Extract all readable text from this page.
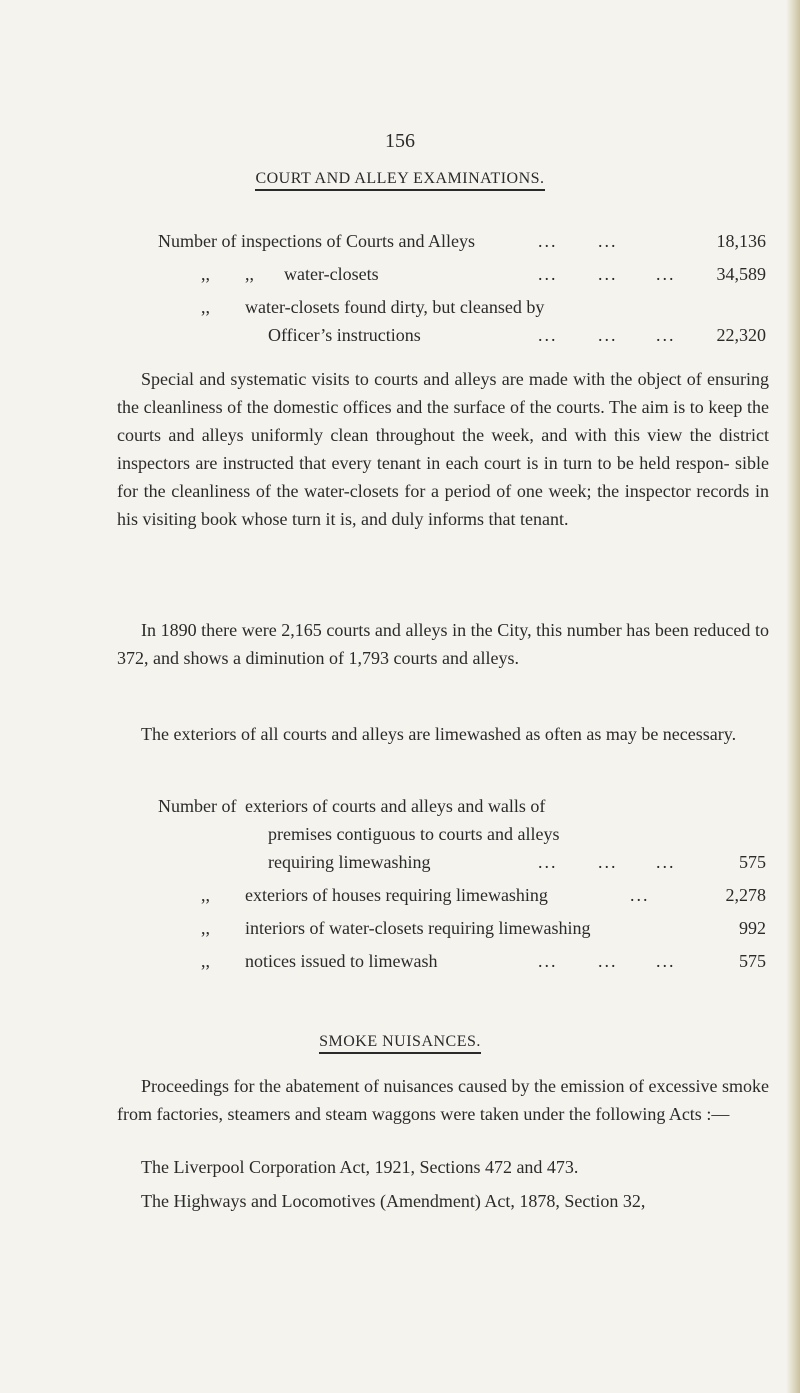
156
COURT AND ALLEY EXAMINATIONS.
Number of inspections of Courts and Alleys	... ...	18,136
,, ,, water-closets	... ... ...	34,589
,, water-closets found dirty, but cleansed by
Officer’s instructions	... ... ...	22,320
Special and systematic visits to courts and alleys are made with the object of ensuring the cleanliness of the domestic offices and the surface of the courts. The aim is to keep the courts and alleys uniformly clean throughout the week, and with this view the district inspectors are instructed that every tenant in each court is in turn to be held respon- sible for the cleanliness of the water-closets for a period of one week; the inspector records in his visiting book whose turn it is, and duly informs that tenant.
In 1890 there were 2,165 courts and alleys in the City, this number has been reduced to 372, and shows a diminution of 1,793 courts and alleys.
The exteriors of all courts and alleys are limewashed as often as may be necessary.
Number of exteriors of courts and alleys and walls of
premises contiguous to courts and alleys
requiring limewashing	... ... ...	575
,, exteriors of houses requiring limewashing	...	2,278
,, interiors of water-closets requiring limewashing	992
,, notices issued to limewash	... ... ...	575
SMOKE NUISANCES.
Proceedings for the abatement of nuisances caused by the emission of excessive smoke from factories, steamers and steam waggons were taken under the following Acts :—
The Liverpool Corporation Act, 1921, Sections 472 and 473.
The Highways and Locomotives (Amendment) Act, 1878, Section 32,
